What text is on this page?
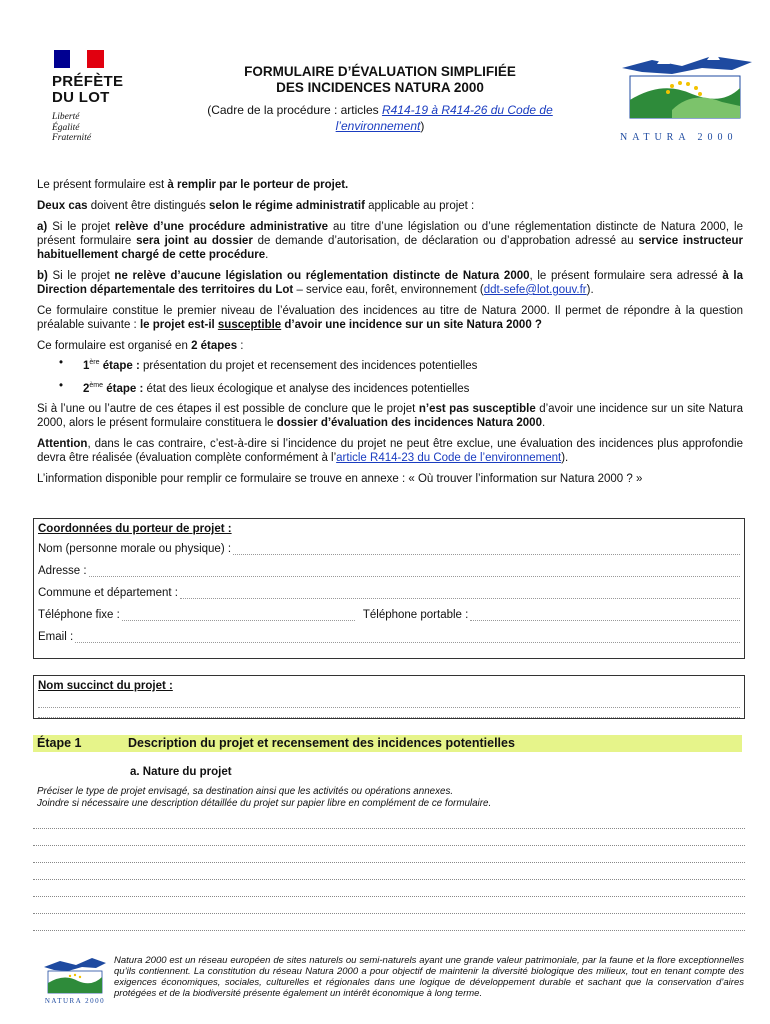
PRÉFÈTE
DU LOT
Liberté
Égalité
Fraternité
FORMULAIRE D’ÉVALUATION SIMPLIFIÉE
DES INCIDENCES NATURA 2000
(Cadre de la procédure : articles R414-19 à R414-26 du Code de l’environnement)
NATURA 2000
Le présent formulaire est à remplir par le porteur de projet.
Deux cas doivent être distingués selon le régime administratif applicable au projet :
a) Si le projet relève d’une procédure administrative au titre d’une législation ou d’une réglementation distincte de Natura 2000, le présent formulaire sera joint au dossier de demande d’autorisation, de déclaration ou d’approbation adressé au service instructeur habituellement chargé de cette procédure.
b) Si le projet ne relève d’aucune législation ou réglementation distincte de Natura 2000, le présent formulaire sera adressé à la Direction départementale des territoires du Lot – service eau, forêt, environnement (ddt-sefe@lot.gouv.fr).
Ce formulaire constitue le premier niveau de l’évaluation des incidences au titre de Natura 2000. Il permet de répondre à la question préalable suivante : le projet est-il susceptible d’avoir une incidence sur un site Natura 2000 ?
Ce formulaire est organisé en 2 étapes :
•	1ère étape : présentation du projet et recensement des incidences potentielles
•	2ème étape : état des lieux écologique et analyse des incidences potentielles
Si à l’une ou l’autre de ces étapes il est possible de conclure que le projet n’est pas susceptible d’avoir une incidence sur un site Natura 2000, alors le présent formulaire constituera le dossier d’évaluation des incidences Natura 2000.
Attention, dans le cas contraire, c’est-à-dire si l’incidence du projet ne peut être exclue, une évaluation des incidences plus approfondie devra être réalisée (évaluation complète conformément à l’article R414-23 du Code de l’environnement).
L’information disponible pour remplir ce formulaire se trouve en annexe : « Où trouver l’information sur Natura 2000 ? »
Coordonnées du porteur de projet :
Nom (personne morale ou physique) :
Adresse :
Commune et département :
Téléphone fixe :	Téléphone portable :
Email :
Nom succinct du projet :
Étape 1	Description du projet et recensement des incidences potentielles
a. Nature du projet
Préciser le type de projet envisagé, sa destination ainsi que les activités ou opérations annexes.
Joindre si nécessaire une description détaillée du projet sur papier libre en complément de ce formulaire.
NATURA 2000
Natura 2000 est un réseau européen de sites naturels ou semi-naturels ayant une grande valeur patrimoniale, par la faune et la flore exceptionnelles qu’ils contiennent. La constitution du réseau Natura 2000 a pour objectif de maintenir la diversité biologique des milieux, tout en tenant compte des exigences économiques, sociales, culturelles et régionales dans une logique de développement durable et sachant que la conservation d’aires protégées et de la biodiversité présente également un intérêt économique à long terme.
